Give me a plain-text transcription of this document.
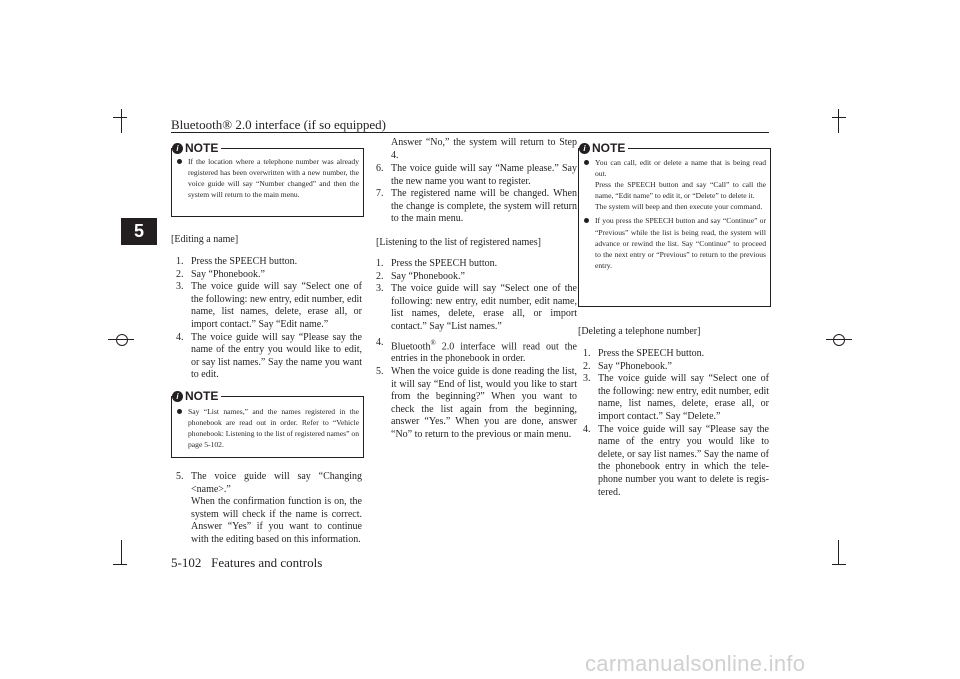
Bluetooth® 2.0 interface (if so equipped)
5
i NOTE
If the location where a telephone number was already registered has been overwritten with a new number, the voice guide will say “Number changed” and then the system will return to the main menu.
[Editing a name]
1. Press the SPEECH button.
2. Say “Phonebook.”
3. The voice guide will say “Select one of the following: new entry, edit number, edit name, list names, delete, erase all, or import contact.” Say “Edit name.”
4. The voice guide will say “Please say the name of the entry you would like to edit, or say list names.” Say the name you want to edit.
i NOTE
Say “List names,” and the names registered in the phonebook are read out in order. Refer to “Vehicle phonebook: Listening to the list of registered names” on page 5-102.
5. The voice guide will say “Changing <name>.”
When the confirmation function is on, the system will check if the name is correct. Answer “Yes” if you want to continue with the editing based on this information.
Answer “No,” the system will return to Step 4.
6. The voice guide will say “Name please.” Say the new name you want to register.
7. The registered name will be changed. When the change is complete, the system will return to the main menu.
[Listening to the list of registered names]
1. Press the SPEECH button.
2. Say “Phonebook.”
3. The voice guide will say “Select one of the following: new entry, edit number, edit name, list names, delete, erase all, or import contact.” Say “List names.”
4. Bluetooth® 2.0 interface will read out the entries in the phonebook in order.
5. When the voice guide is done reading the list, it will say “End of list, would you like to start from the beginning?” When you want to check the list again from the beginning, answer “Yes.” When you are done, answer “No” to return to the previous or main menu.
i NOTE
You can call, edit or delete a name that is being read out.
Press the SPEECH button and say “Call” to call the name, “Edit name” to edit it, or “Delete” to delete it.
The system will beep and then execute your command.
If you press the SPEECH button and say “Continue” or “Previous” while the list is being read, the system will advance or rewind the list. Say “Continue” to proceed to the next entry or “Previous” to return to the previous entry.
[Deleting a telephone number]
1. Press the SPEECH button.
2. Say “Phonebook.”
3. The voice guide will say “Select one of the following: new entry, edit number, edit name, list names, delete, erase all, or import contact.” Say “Delete.”
4. The voice guide will say “Please say the name of the entry you would like to delete, or say list names.” Say the name of the phonebook entry in which the tele-phone number you want to delete is regis-tered.
5-102 Features and controls
carmanualsonline.info
